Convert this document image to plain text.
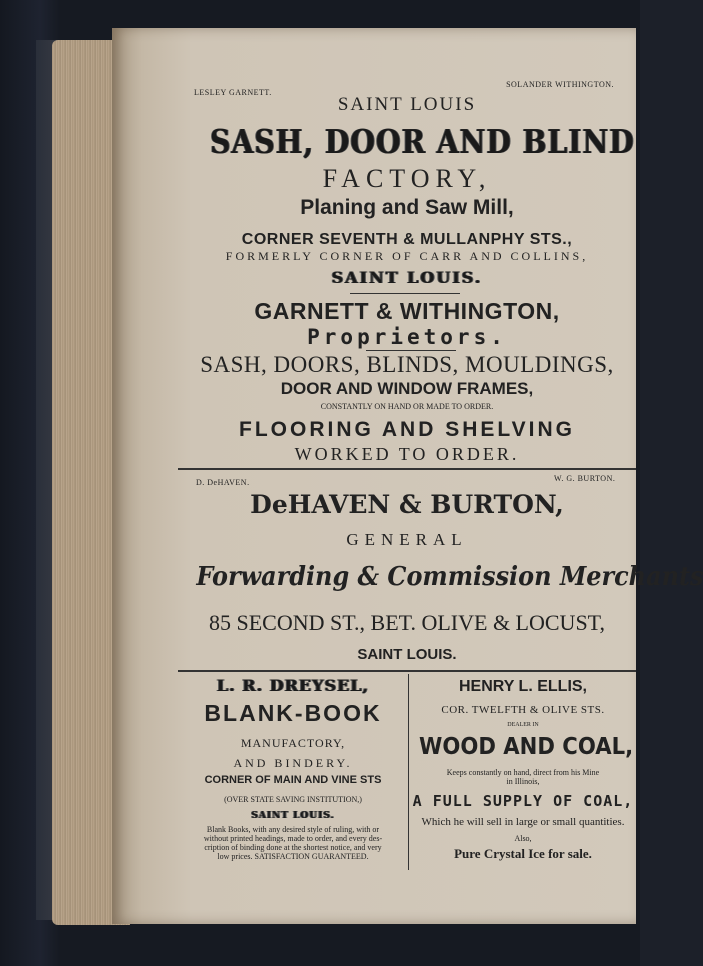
LESLEY GARNETT.
SOLANDER WITHINGTON.
SAINT LOUIS
SASH, DOOR AND BLIND
FACTORY,
Planing and Saw Mill,
CORNER SEVENTH & MULLANPHY STS.,
FORMERLY CORNER OF CARR AND COLLINS,
SAINT LOUIS.
GARNETT & WITHINGTON,
Proprietors.
SASH, DOORS, BLINDS, MOULDINGS,
DOOR AND WINDOW FRAMES,
CONSTANTLY ON HAND OR MADE TO ORDER.
FLOORING AND SHELVING
WORKED TO ORDER.
D. DeHAVEN.	W. G. BURTON.
DeHAVEN & BURTON,
GENERAL
Forwarding & Commission Merchants
85 SECOND ST., BET. OLIVE & LOCUST,
SAINT LOUIS.
L. R. DREYSEL,
BLANK-BOOK
MANUFACTORY,
AND BINDERY.
CORNER OF MAIN AND VINE STS
(OVER STATE SAVING INSTITUTION,)
SAINT LOUIS.
Blank Books, with any desired style of ruling, with or
without printed headings, made to order, and every des-
cription of binding done at the shortest notice, and very
low prices. SATISFACTION GUARANTEED.
HENRY L. ELLIS,
COR. TWELFTH & OLIVE STS.
DEALER IN
WOOD AND COAL,
Keeps constantly on hand, direct from his Mine
in Illinois,
A FULL SUPPLY OF COAL,
Which he will sell in large or small quantities.
Also,
Pure Crystal Ice for sale.
